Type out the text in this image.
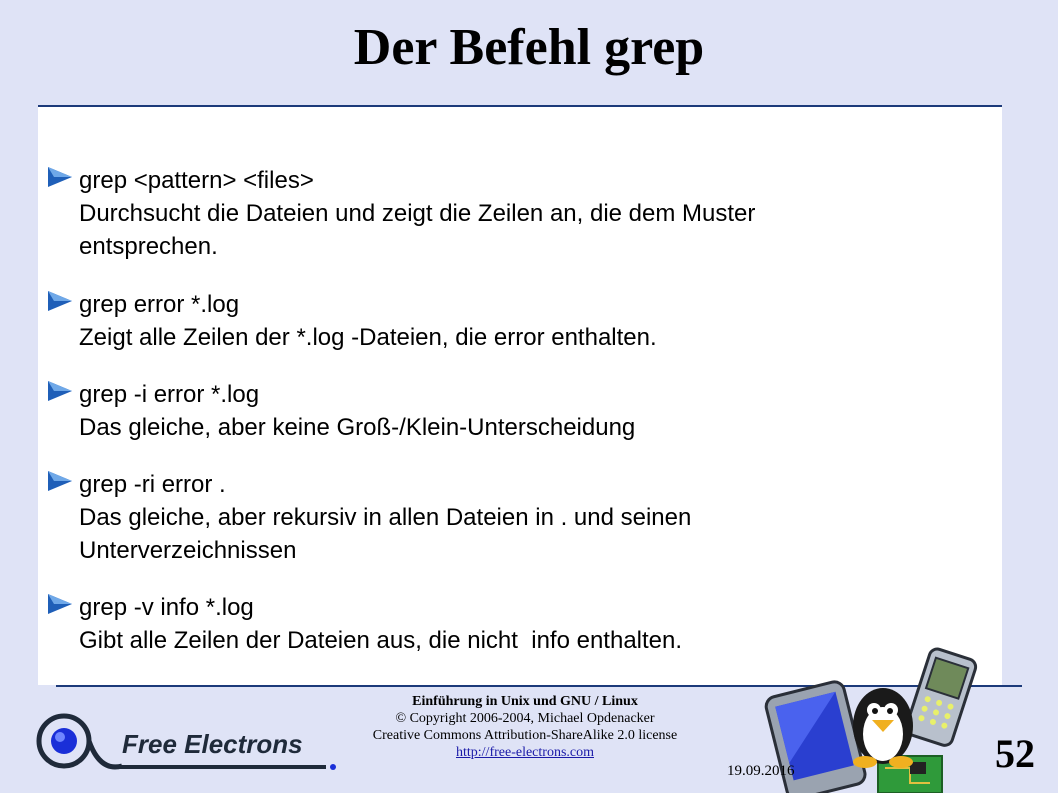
Der Befehl grep
grep <pattern> <files>
Durchsucht die Dateien und zeigt die Zeilen an, die dem Muster
entsprechen.
grep error *.log
Zeigt alle Zeilen der *.log -Dateien, die error enthalten.
grep -i error *.log
Das gleiche, aber keine Groß-/Klein-Unterscheidung
grep -ri error .
Das gleiche, aber rekursiv in allen Dateien in . und seinen
Unterverzeichnissen
grep -v info *.log
Gibt alle Zeilen der Dateien aus, die nicht  info enthalten.
Free Electrons
Einführung in Unix und GNU / Linux
© Copyright 2006-2004, Michael Opdenacker
Creative Commons Attribution-ShareAlike 2.0 license
http://free-electrons.com
19.09.2016	52
